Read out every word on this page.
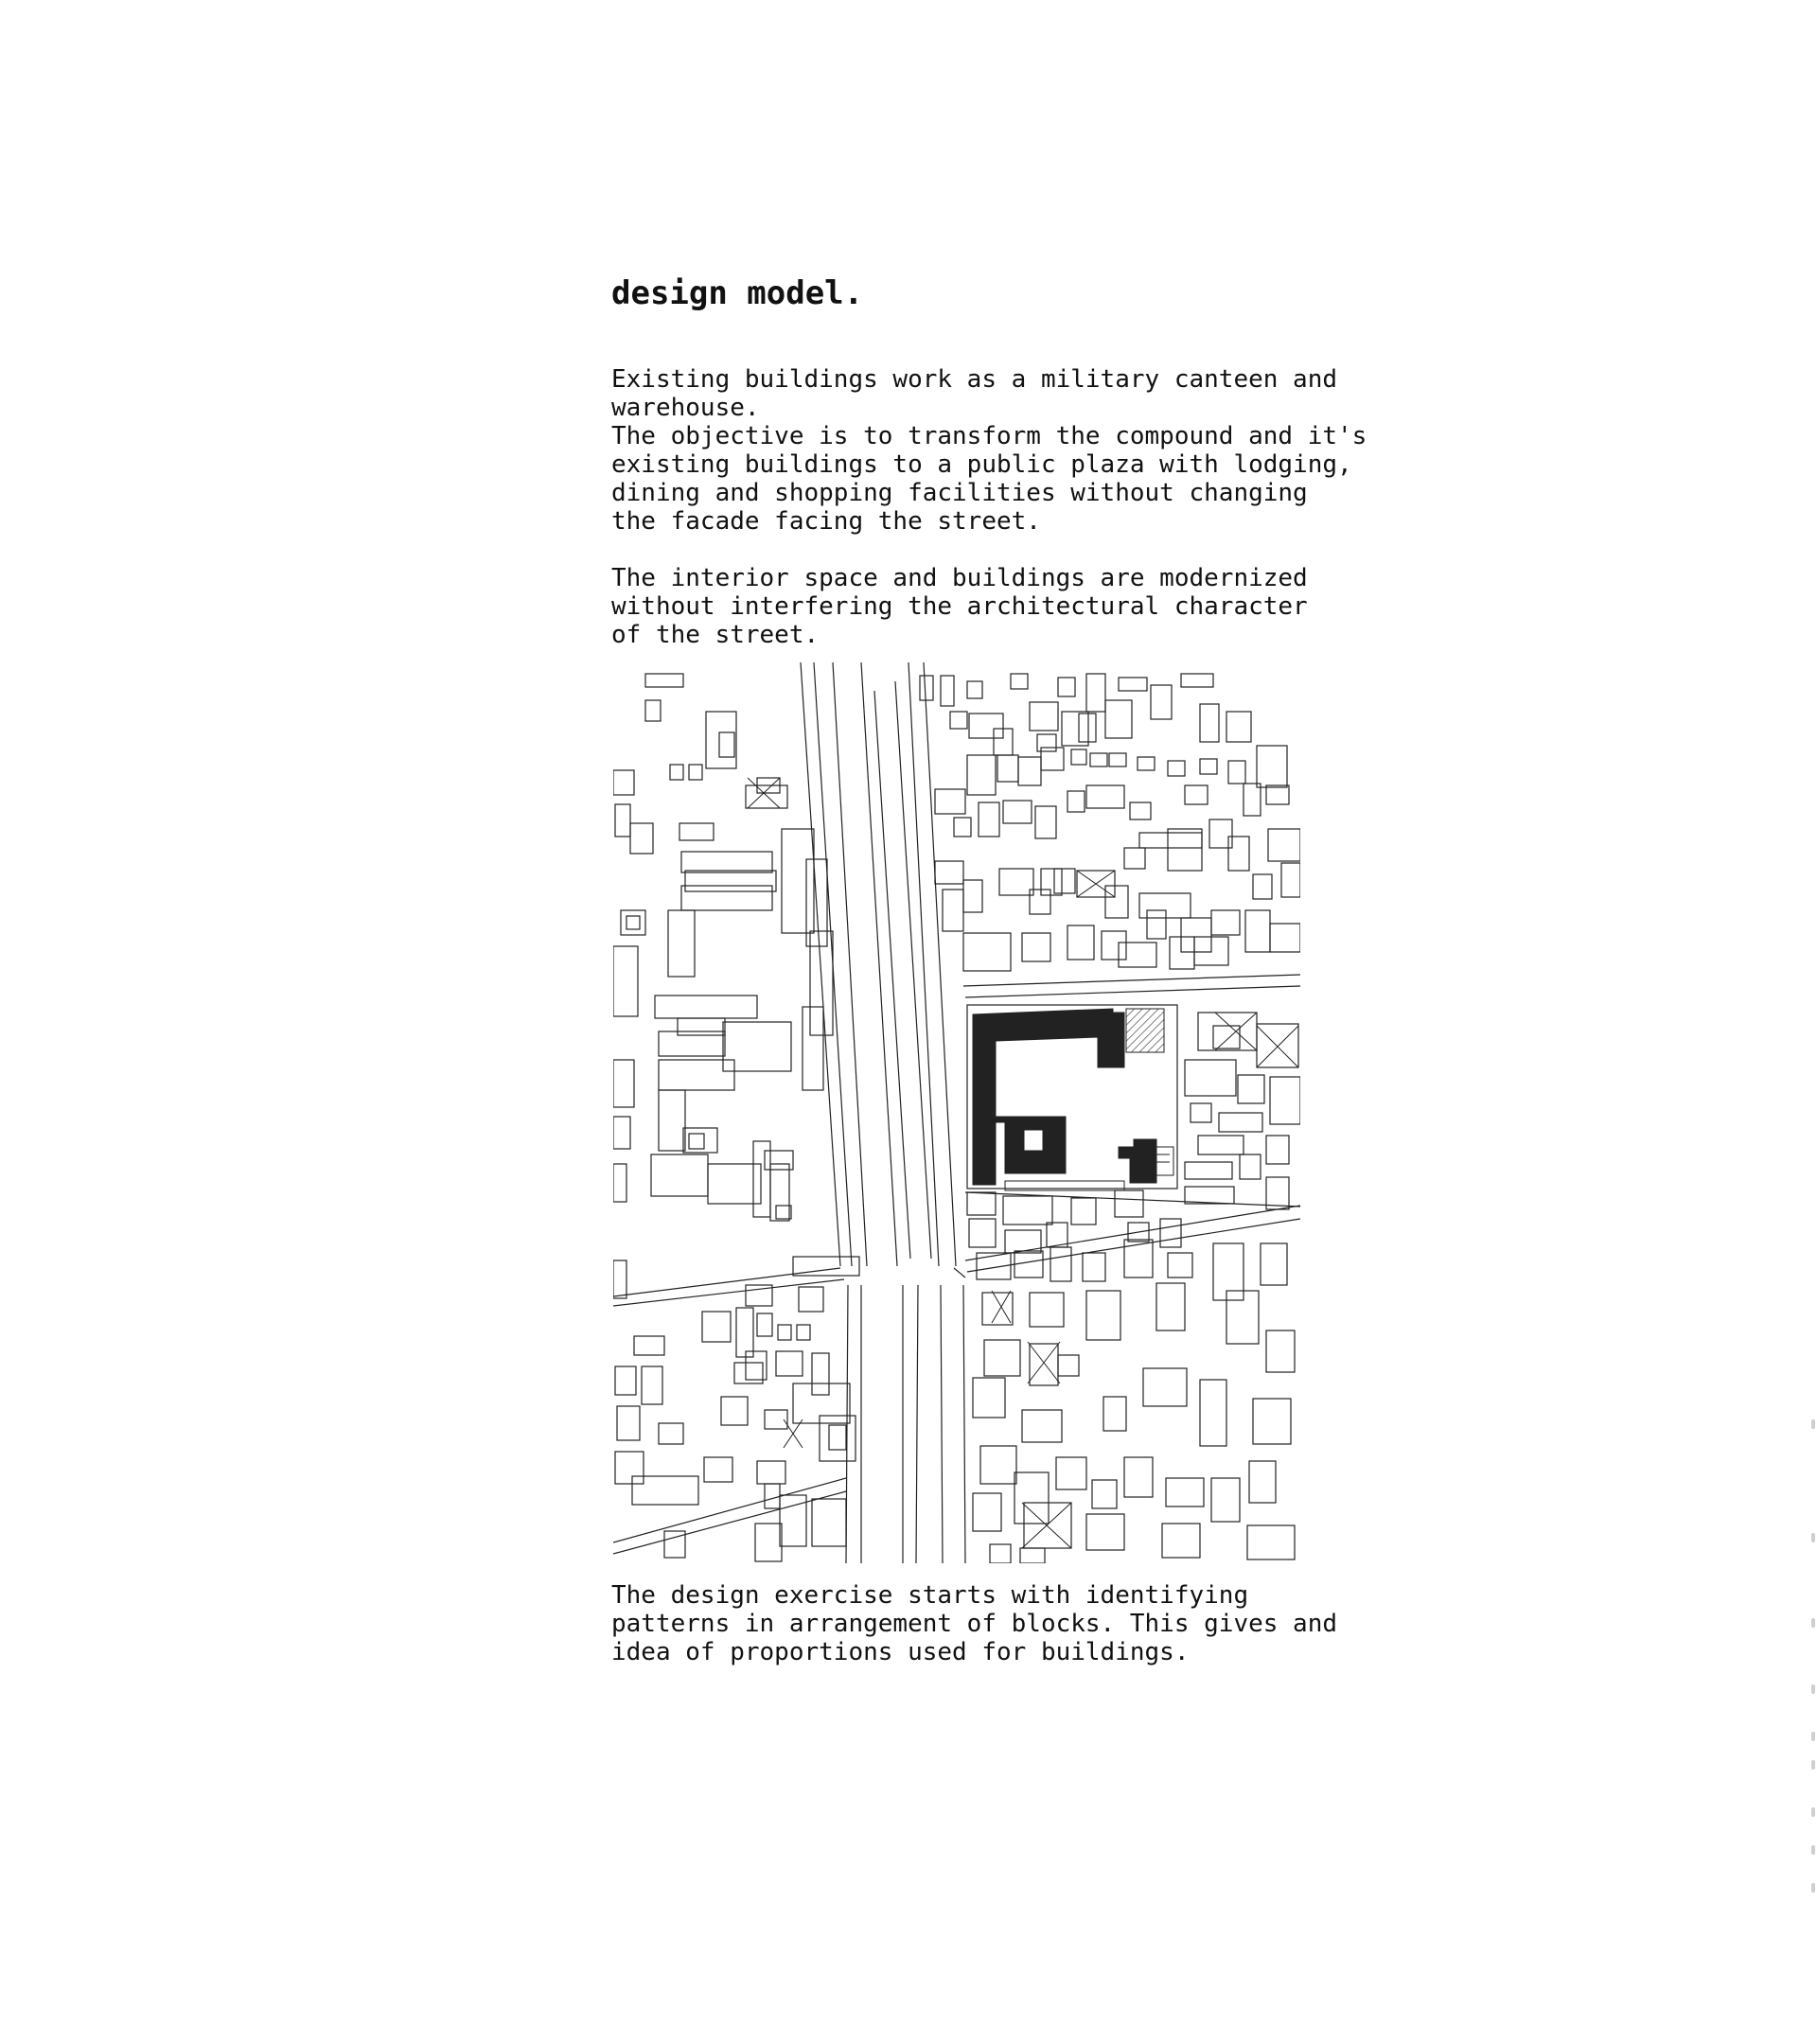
design model.

Existing buildings work as a military canteen and
warehouse.
The objective is to transform the compound and it's
existing buildings to a public plaza with lodging,
dining and shopping facilities without changing
the facade facing the street.

The interior space and buildings are modernized
without interfering the architectural character
of the street.

The design exercise starts with identifying
patterns in arrangement of blocks. This gives and
idea of proportions used for buildings.
